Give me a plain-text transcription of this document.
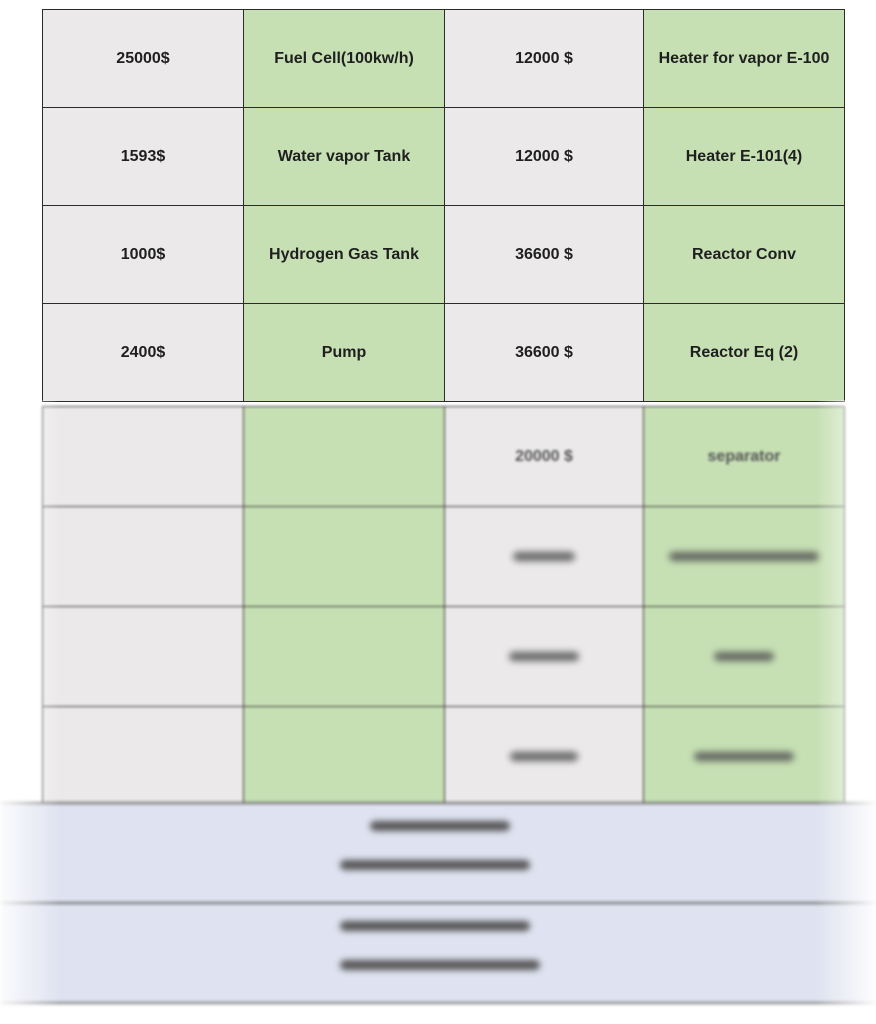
25000$	Fuel Cell(100kw/h)	12000 $	Heater for vapor E-100
1593$	Water vapor Tank	12000 $	Heater E-101(4)
1000$	Hydrogen Gas Tank	36600 $	Reactor Conv
2400$	Pump	36600 $	Reactor Eq (2)
		20000 $	separator
